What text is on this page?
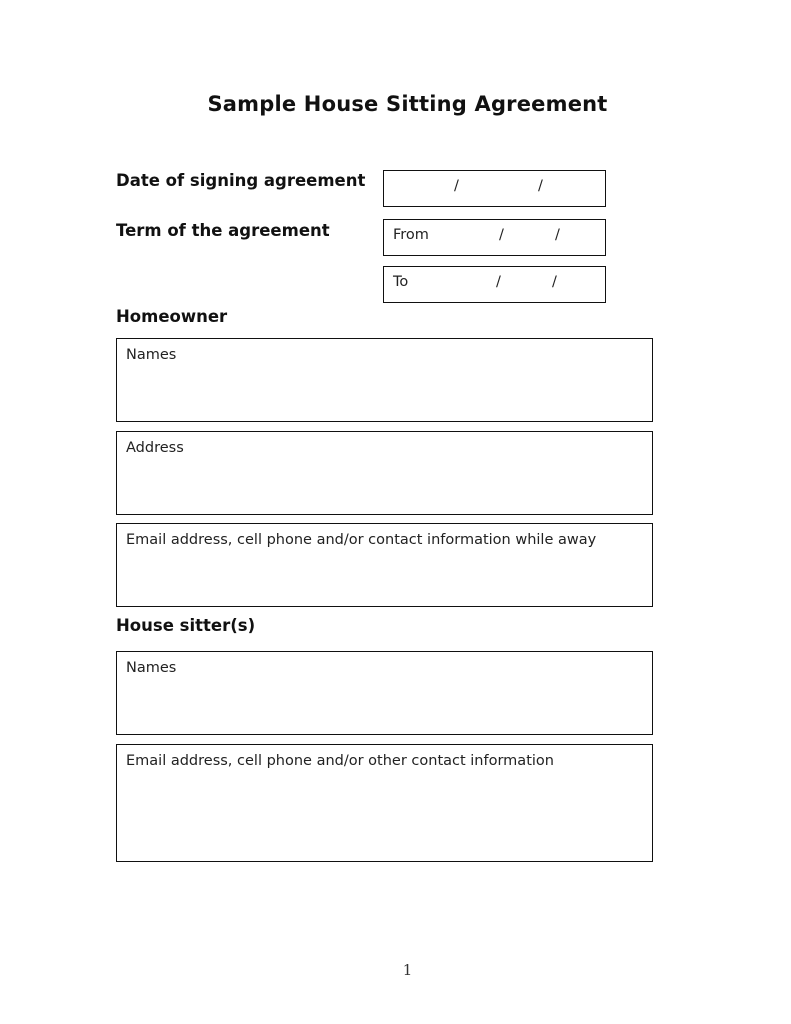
Sample House Sitting Agreement
Date of signing agreement	/	/
Term of the agreement	From	/	/
To	/	/
Homeowner
Names
Address
Email address, cell phone and/or contact information while away
House sitter(s)
Names
Email address, cell phone and/or other contact information
1
